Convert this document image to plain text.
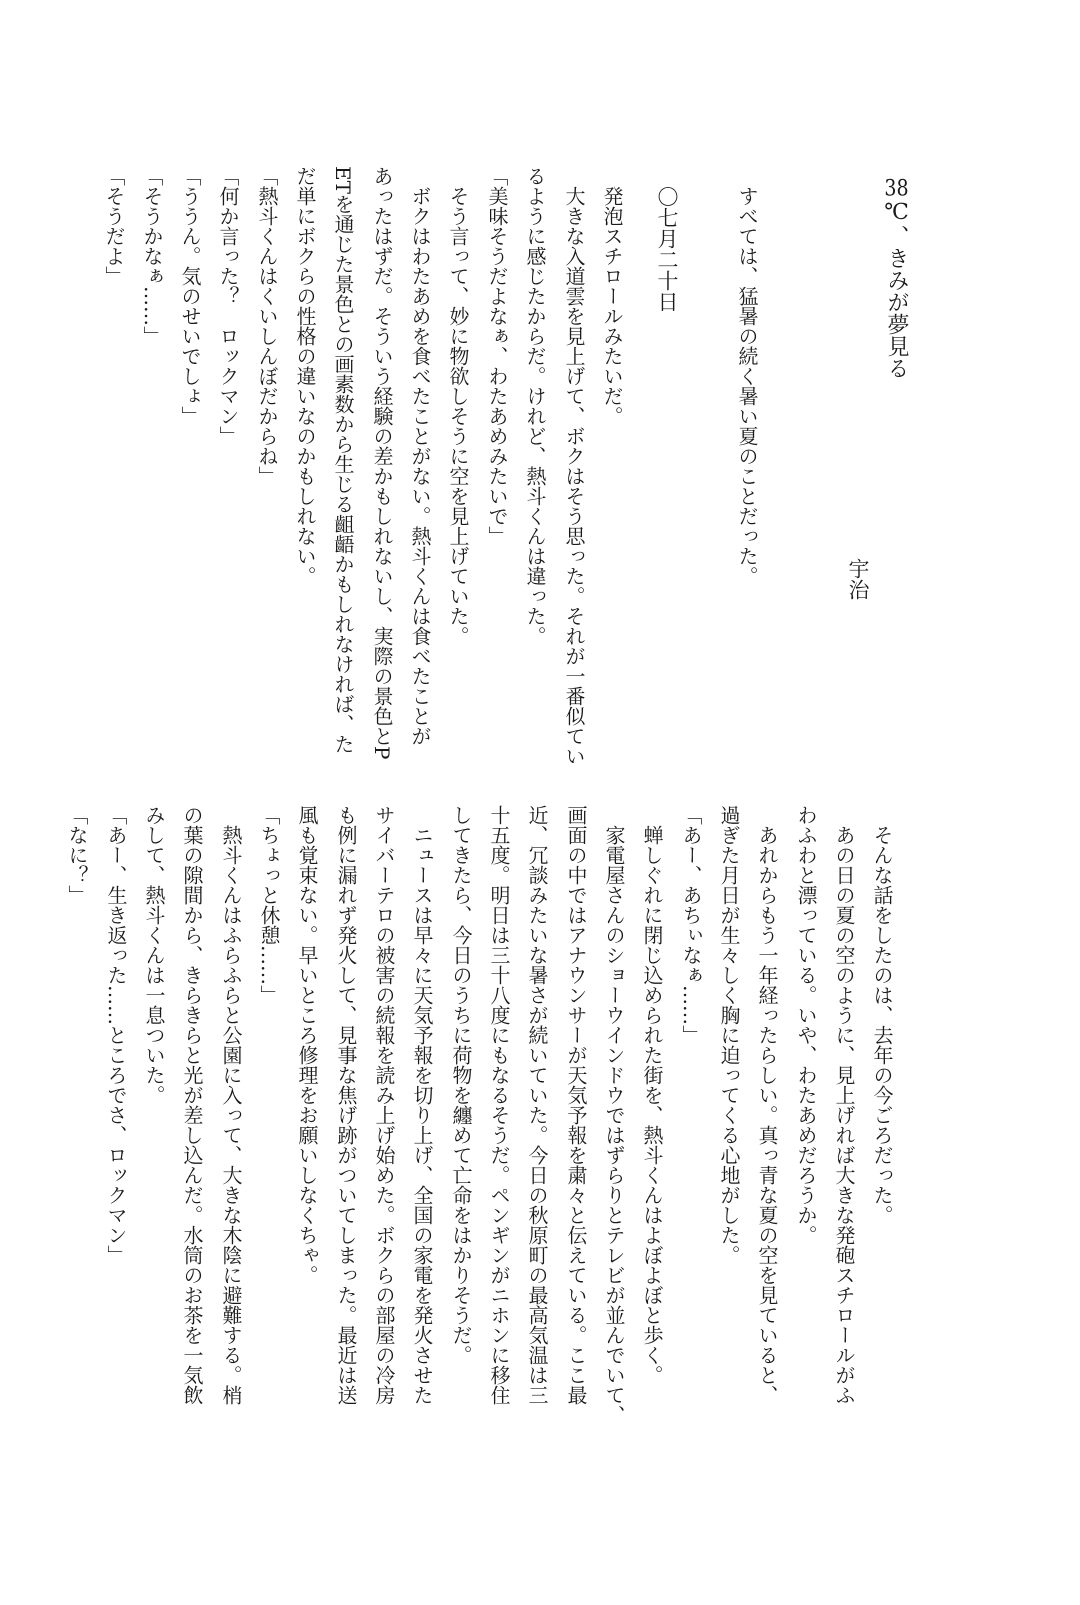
38℃、きみが夢見る
宇治
すべては、猛暑の続く暑い夏のことだった。
〇七月二十日
発泡スチロールみたいだ。
大きな入道雲を見上げて、ボクはそう思った。それが一番似てい
るように感じたからだ。けれど、熱斗くんは違った。
「美味そうだよなぁ、わたあめみたいで」
そう言って、妙に物欲しそうに空を見上げていた。
ボクはわたあめを食べたことがない。熱斗くんは食べたことが
あったはずだ。そういう経験の差かもしれないし、実際の景色とP
ETを通じた景色との画素数から生じる齟齬かもしれなければ、た
だ単にボクらの性格の違いなのかもしれない。
「熱斗くんはくいしんぼだからね」
「何か言った？　ロックマン」
「ううん。気のせいでしょ」
「そうかなぁ……」
「そうだよ」
そんな話をしたのは、去年の今ごろだった。
あの日の夏の空のように、見上げれば大きな発砲スチロールがふ
わふわと漂っている。いや、わたあめだろうか。
あれからもう一年経ったらしい。真っ青な夏の空を見ていると、
過ぎた月日が生々しく胸に迫ってくる心地がした。
「あー、あちぃなぁ……」
蝉しぐれに閉じ込められた街を、熱斗くんはよぼよぼと歩く。
家電屋さんのショーウインドウではずらりとテレビが並んでいて、
画面の中ではアナウンサーが天気予報を粛々と伝えている。ここ最
近、冗談みたいな暑さが続いていた。今日の秋原町の最高気温は三
十五度。明日は三十八度にもなるそうだ。ペンギンがニホンに移住
してきたら、今日のうちに荷物を纏めて亡命をはかりそうだ。
ニュースは早々に天気予報を切り上げ、全国の家電を発火させた
サイバーテロの被害の続報を読み上げ始めた。ボクらの部屋の冷房
も例に漏れず発火して、見事な焦げ跡がついてしまった。最近は送
風も覚束ない。早いところ修理をお願いしなくちゃ。
「ちょっと休憩……」
熱斗くんはふらふらと公園に入って、大きな木陰に避難する。梢
の葉の隙間から、きらきらと光が差し込んだ。水筒のお茶を一気飲
みして、熱斗くんは一息ついた。
「あー、生き返った……ところでさ、ロックマン」
「なに？」
